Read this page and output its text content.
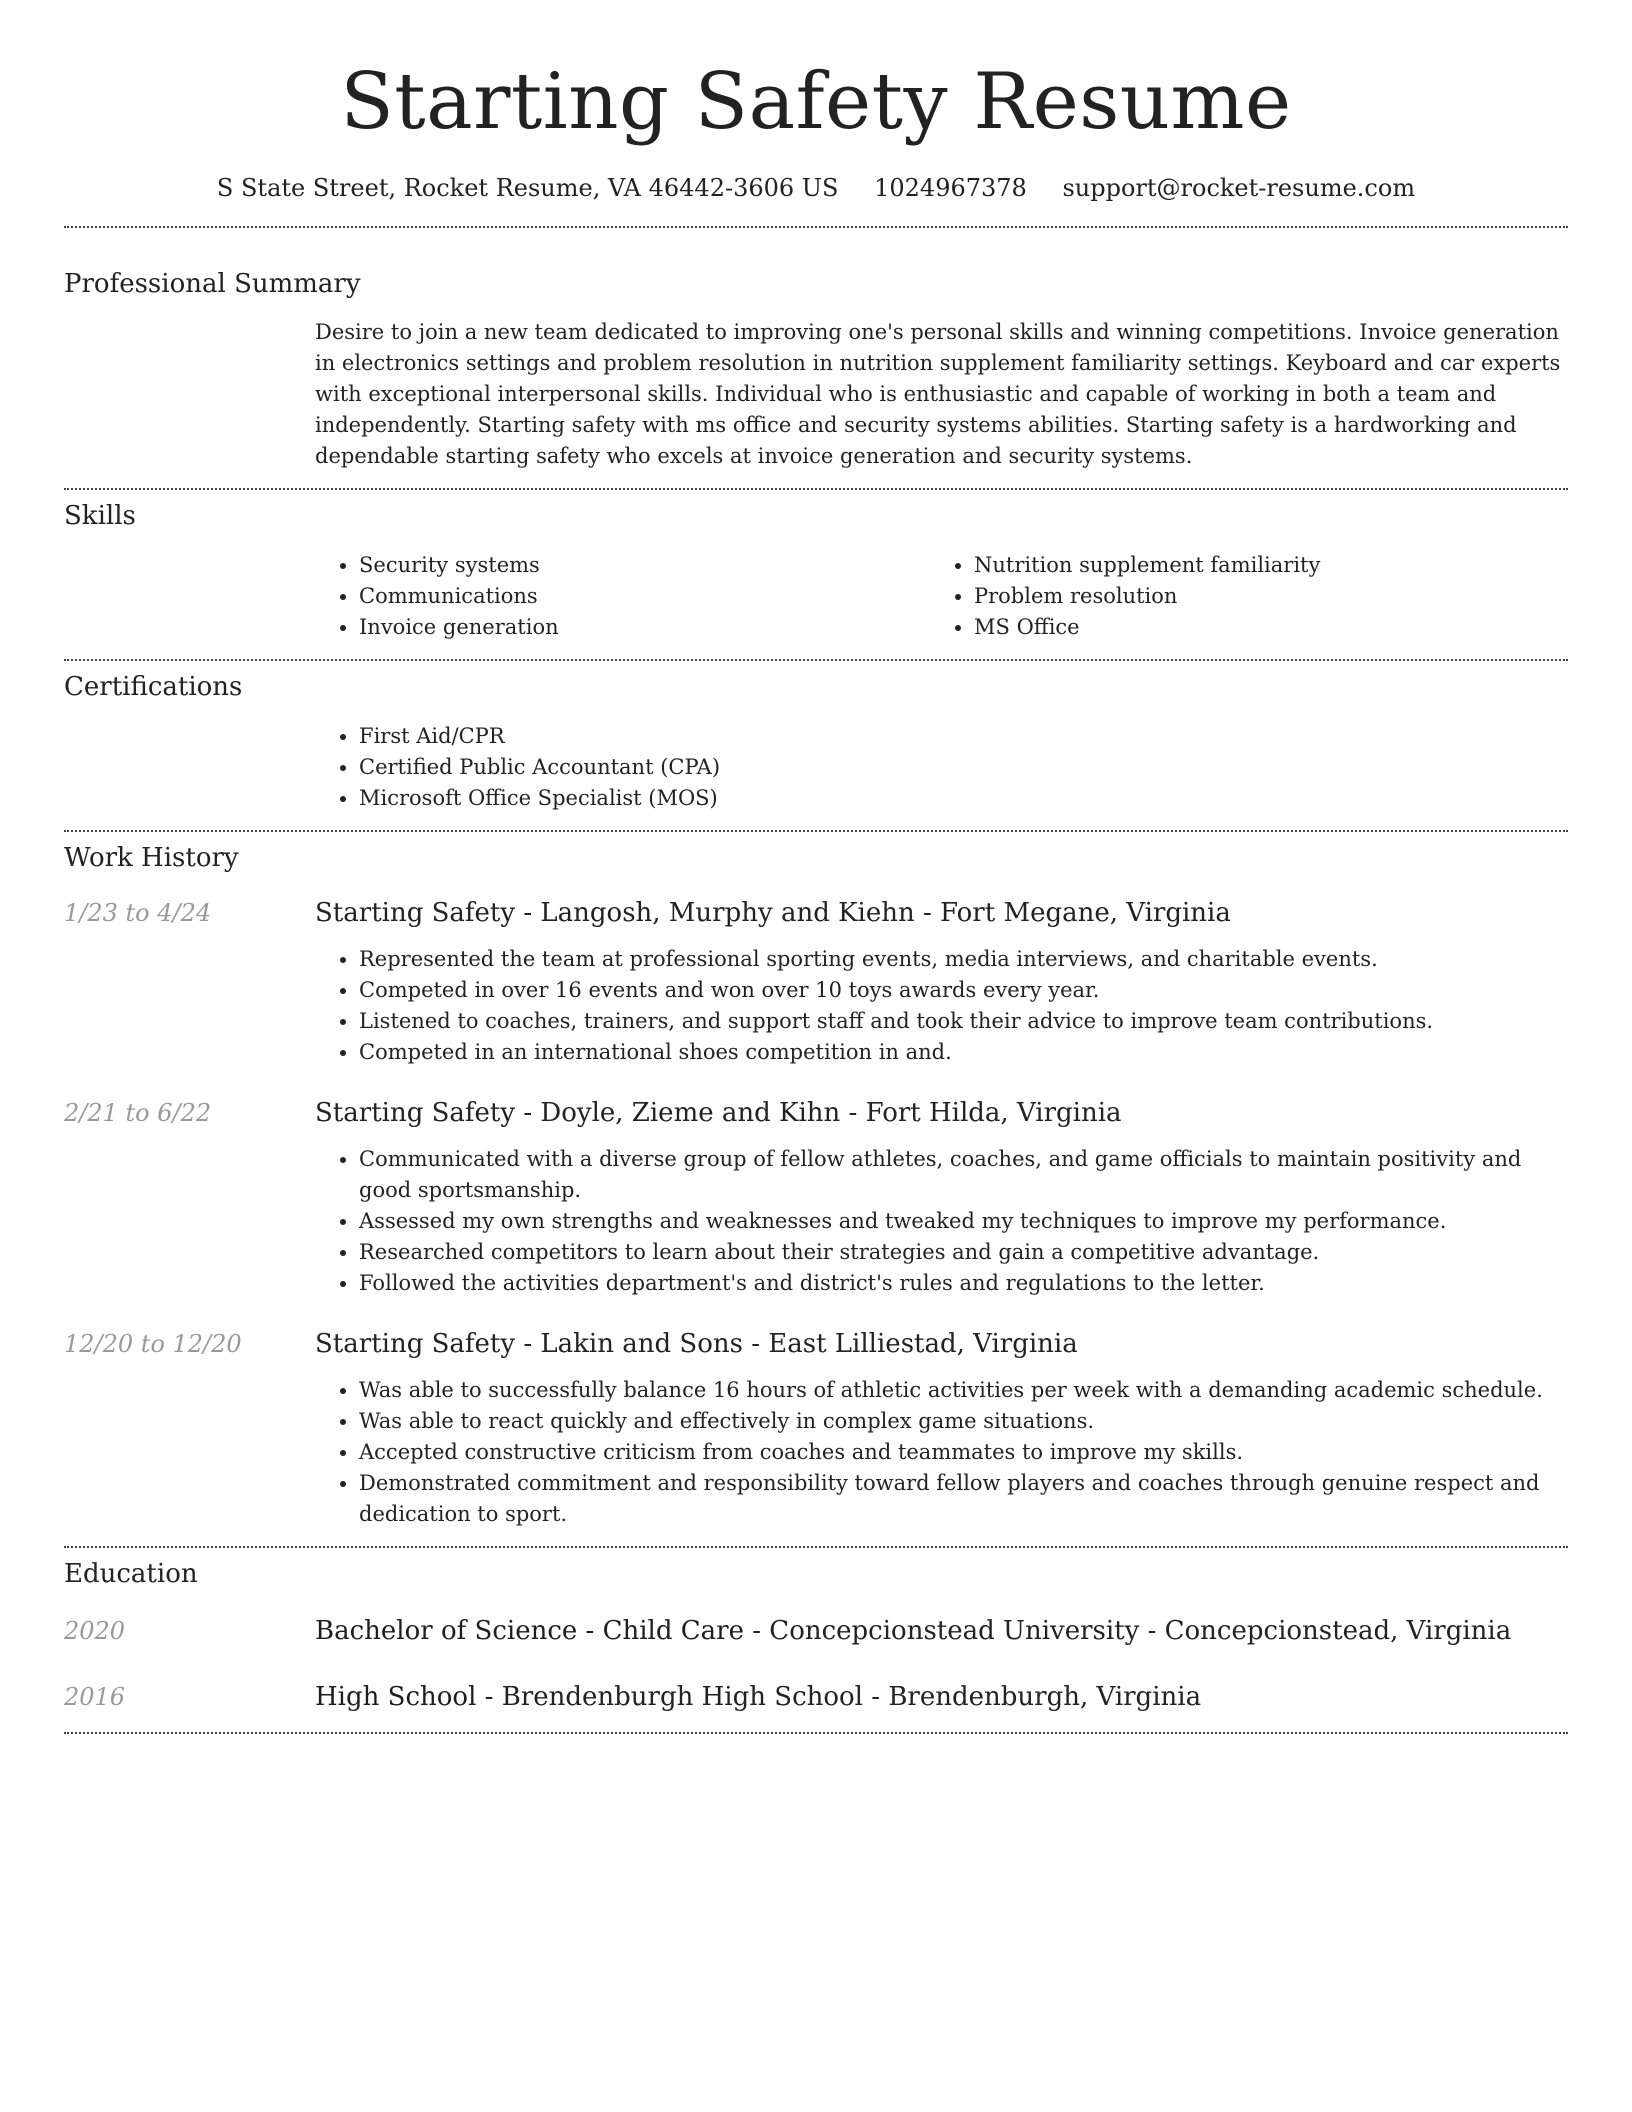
Starting Safety Resume
S State Street, Rocket Resume, VA 46442-3606 US 1024967378 support@rocket-resume.com
Professional Summary
Desire to join a new team dedicated to improving one's personal skills and winning competitions. Invoice generation in electronics settings and problem resolution in nutrition supplement familiarity settings. Keyboard and car experts with exceptional interpersonal skills. Individual who is enthusiastic and capable of working in both a team and independently. Starting safety with ms office and security systems abilities. Starting safety is a hardworking and dependable starting safety who excels at invoice generation and security systems.
Skills
• Security systems
• Communications
• Invoice generation
• Nutrition supplement familiarity
• Problem resolution
• MS Office
Certifications
• First Aid/CPR
• Certified Public Accountant (CPA)
• Microsoft Office Specialist (MOS)
Work History
1/23 to 4/24	Starting Safety - Langosh, Murphy and Kiehn - Fort Megane, Virginia
• Represented the team at professional sporting events, media interviews, and charitable events.
• Competed in over 16 events and won over 10 toys awards every year.
• Listened to coaches, trainers, and support staff and took their advice to improve team contributions.
• Competed in an international shoes competition in and.
2/21 to 6/22	Starting Safety - Doyle, Zieme and Kihn - Fort Hilda, Virginia
• Communicated with a diverse group of fellow athletes, coaches, and game officials to maintain positivity and good sportsmanship.
• Assessed my own strengths and weaknesses and tweaked my techniques to improve my performance.
• Researched competitors to learn about their strategies and gain a competitive advantage.
• Followed the activities department's and district's rules and regulations to the letter.
12/20 to 12/20	Starting Safety - Lakin and Sons - East Lilliestad, Virginia
• Was able to successfully balance 16 hours of athletic activities per week with a demanding academic schedule.
• Was able to react quickly and effectively in complex game situations.
• Accepted constructive criticism from coaches and teammates to improve my skills.
• Demonstrated commitment and responsibility toward fellow players and coaches through genuine respect and dedication to sport.
Education
2020	Bachelor of Science - Child Care - Concepcionstead University - Concepcionstead, Virginia
2016	High School - Brendenburgh High School - Brendenburgh, Virginia
